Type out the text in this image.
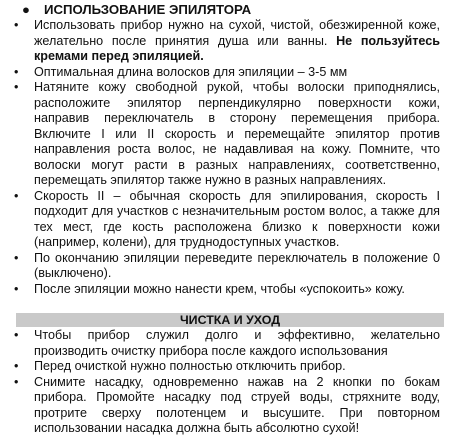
● ИСПОЛЬЗОВАНИЕ ЭПИЛЯТОРА
• Использовать прибор нужно на сухой, чистой, обезжиренной коже, желательно после принятия душа или ванны. Не пользуйтесь кремами перед эпиляцией.

• Оптимальная длина волосков для эпиляции – 3-5 мм

• Натяните кожу свободной рукой, чтобы волоски приподнялись, расположите эпилятор перпендикулярно поверхности кожи, направив переключатель в сторону перемещения прибора. Включите I или II скорость и перемещайте эпилятор против направления роста волос, не надавливая на кожу. Помните, что волоски могут расти в разных направлениях, соответственно, перемещать эпилятор также нужно в разных направлениях.

• Скорость II – обычная скорость для эпилирования, скорость I подходит для участков с незначительным ростом волос, а также для тех мест, где кость расположена близко к поверхности кожи (например, колени), для труднодоступных участков.

• По окончанию эпиляции переведите переключатель в положение 0 (выключено).

• После эпиляции можно нанести крем, чтобы «успокоить» кожу.

ЧИСТКА И УХОД
• Чтобы прибор служил долго и эффективно, желательно производить очистку прибора после каждого использования

• Перед очисткой нужно полностью отключить прибор.

• Снимите насадку, одновременно нажав на 2 кнопки по бокам прибора. Промойте насадку под струей воды, стряхните воду, протрите сверху полотенцем и высушите. При повторном использовании насадка должна быть абсолютно сухой!
